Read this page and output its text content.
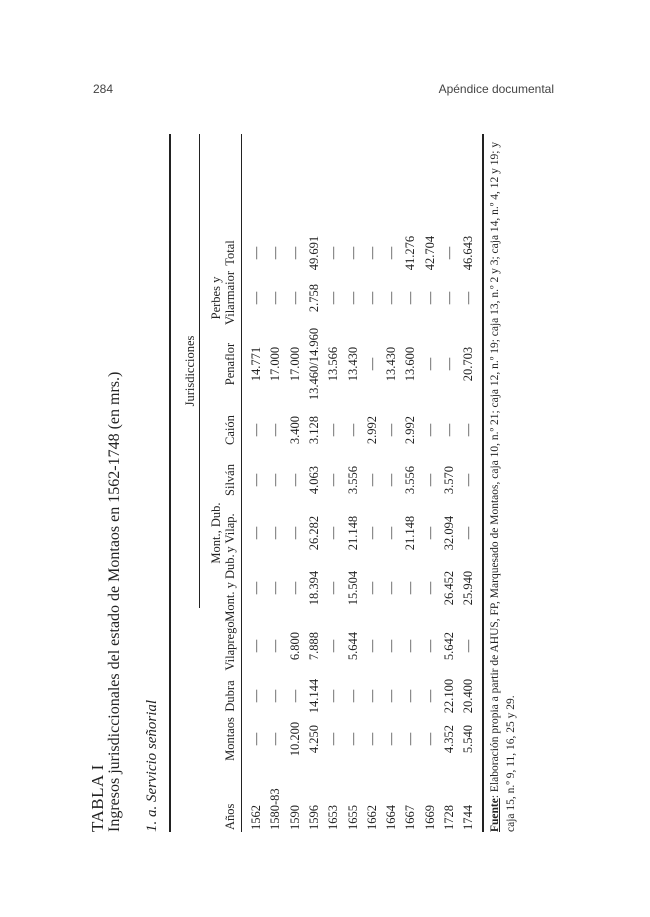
284	Apéndice documental
TABLA I Ingresos jurisdiccionales del estado de Montaos en 1562-1748 (en mrs.) 1. a. Servicio señorial
Jurisdicciones
Años
Montaos
Dubra
Vilaprego
Mont. y Dub.
Mont., Dub.
y Vilap.
Silván
Caión
Penaflor
Perbes y
Vilarmaior
Total
1562
—
—
—
—
—
—
—
14.771
—
—
1580-83
—
—
—
—
—
—
—
17.000
—
—
1590
10.200
—
6.800
—
—
—
3.400
17.000
—
—
1596
4.250
14.144
7.888
18.394
26.282
4.063
3.128
13.460/14.960
2.758
49.691
1653
—
—
—
—
—
—
—
13.566
—
—
1655
—
—
5.644
15.504
21.148
3.556
—
13.430
—
—
1662
—
—
—
—
—
—
2.992
—
—
—
1664
—
—
—
—
—
—
—
13.430
—
—
1667
—
—
—
—
21.148
3.556
2.992
13.600
—
41.276
1669
—
—
—
—
—
—
—
—
—
42.704
1728
4.352
22.100
5.642
26.452
32.094
3.570
—
—
—
—
1744
5.540
20.400
—
25.940
—
—
—
20.703
—
46.643
Fuente: Elaboración propia a partir de AHUS, FP, Marquesado de Montaos, caja 10, n.º 21; caja 12, n.º 19; caja 13, n.º 2 y 3; caja 14, n.º 4, 12 y 19; y caja 15, n.º 9, 11, 16, 25 y 29.
